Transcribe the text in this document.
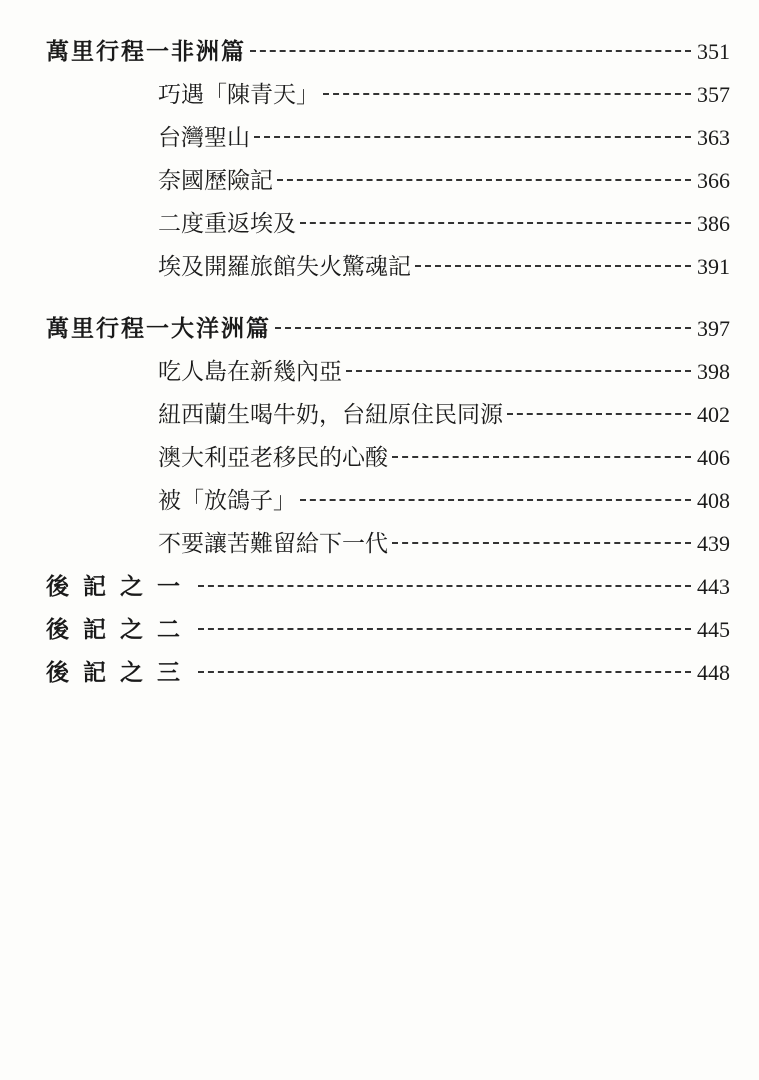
萬里行程一非洲篇	351
巧遇「陳青天」	357
台灣聖山	363
奈國歷險記	366
二度重返埃及	386
埃及開羅旅館失火驚魂記	391
萬里行程一大洋洲篇	397
吃人島在新幾內亞	398
紐西蘭生喝牛奶，台紐原住民同源	402
澳大利亞老移民的心酸	406
被「放鴿子」	408
不要讓苦難留給下一代	439
後記之一	443
後記之二	445
後記之三	448
